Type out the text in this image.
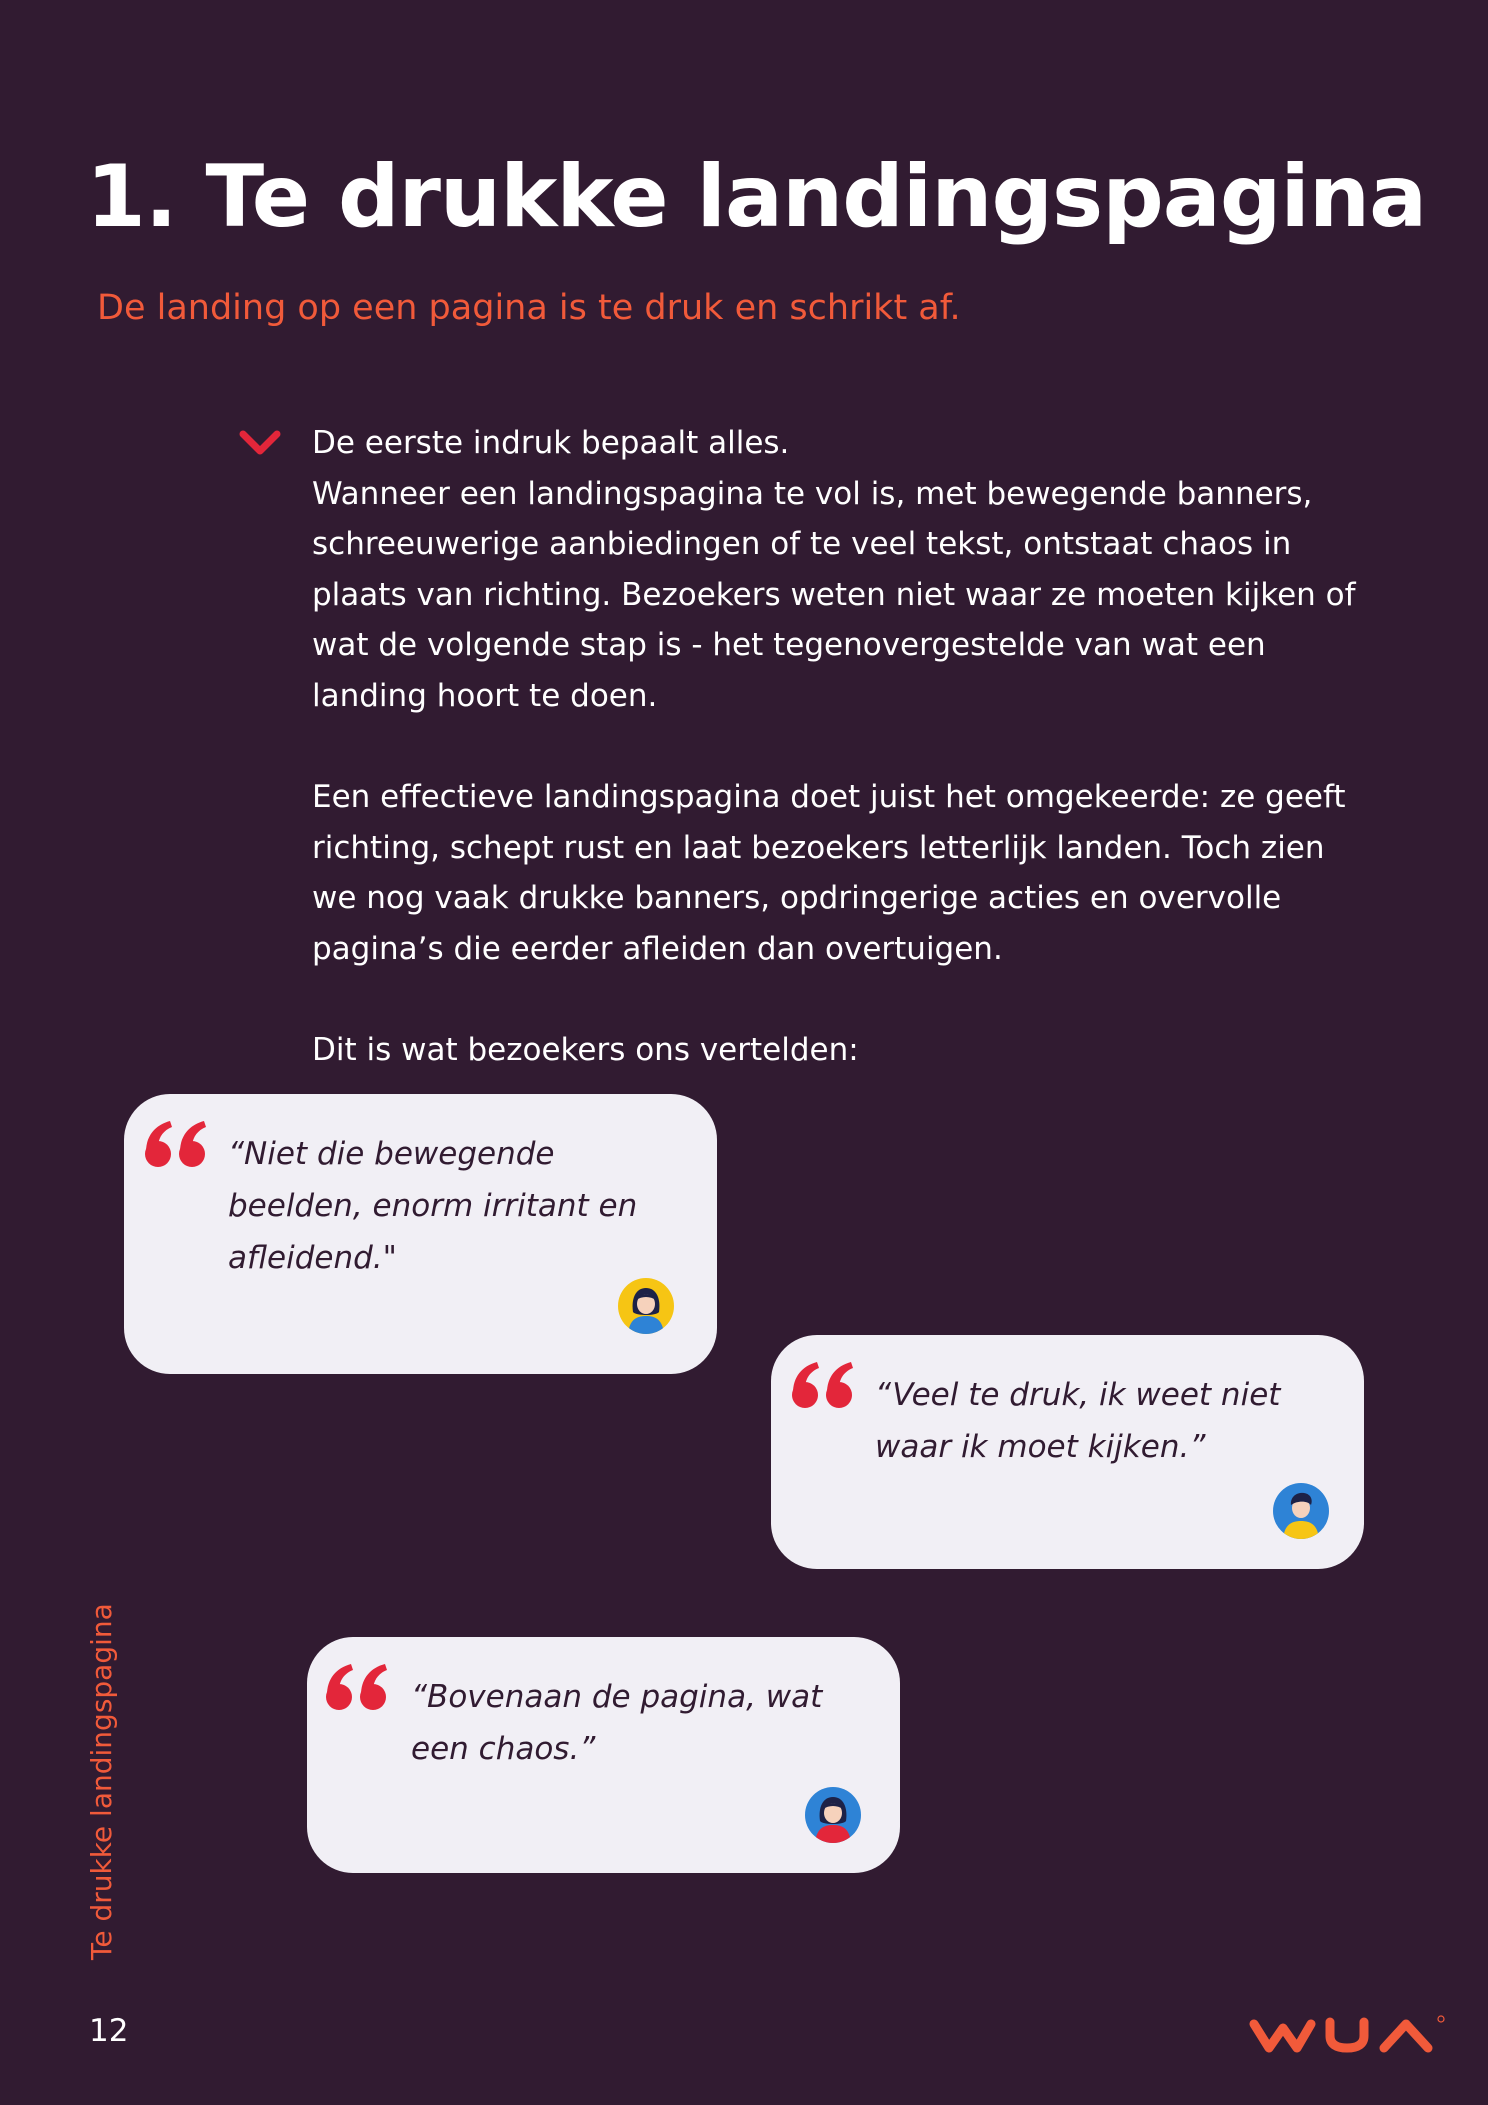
1. Te drukke landingspagina
De landing op een pagina is te druk en schrikt af.

De eerste indruk bepaalt alles.
Wanneer een landingspagina te vol is, met bewegende banners, schreeuwerige aanbiedingen of te veel tekst, ontstaat chaos in plaats van richting. Bezoekers weten niet waar ze moeten kijken of wat de volgende stap is - het tegenovergestelde van wat een landing hoort te doen.

Een effectieve landingspagina doet juist het omgekeerde: ze geeft richting, schept rust en laat bezoekers letterlijk landen. Toch zien we nog vaak drukke banners, opdringerige acties en overvolle pagina’s die eerder afleiden dan overtuigen.

Dit is wat bezoekers ons vertelden:

“Niet die bewegende beelden, enorm irritant en afleidend."
“Veel te druk, ik weet niet waar ik moet kijken.”
“Bovenaan de pagina, wat een chaos.”
Te drukke landingspagina
12
